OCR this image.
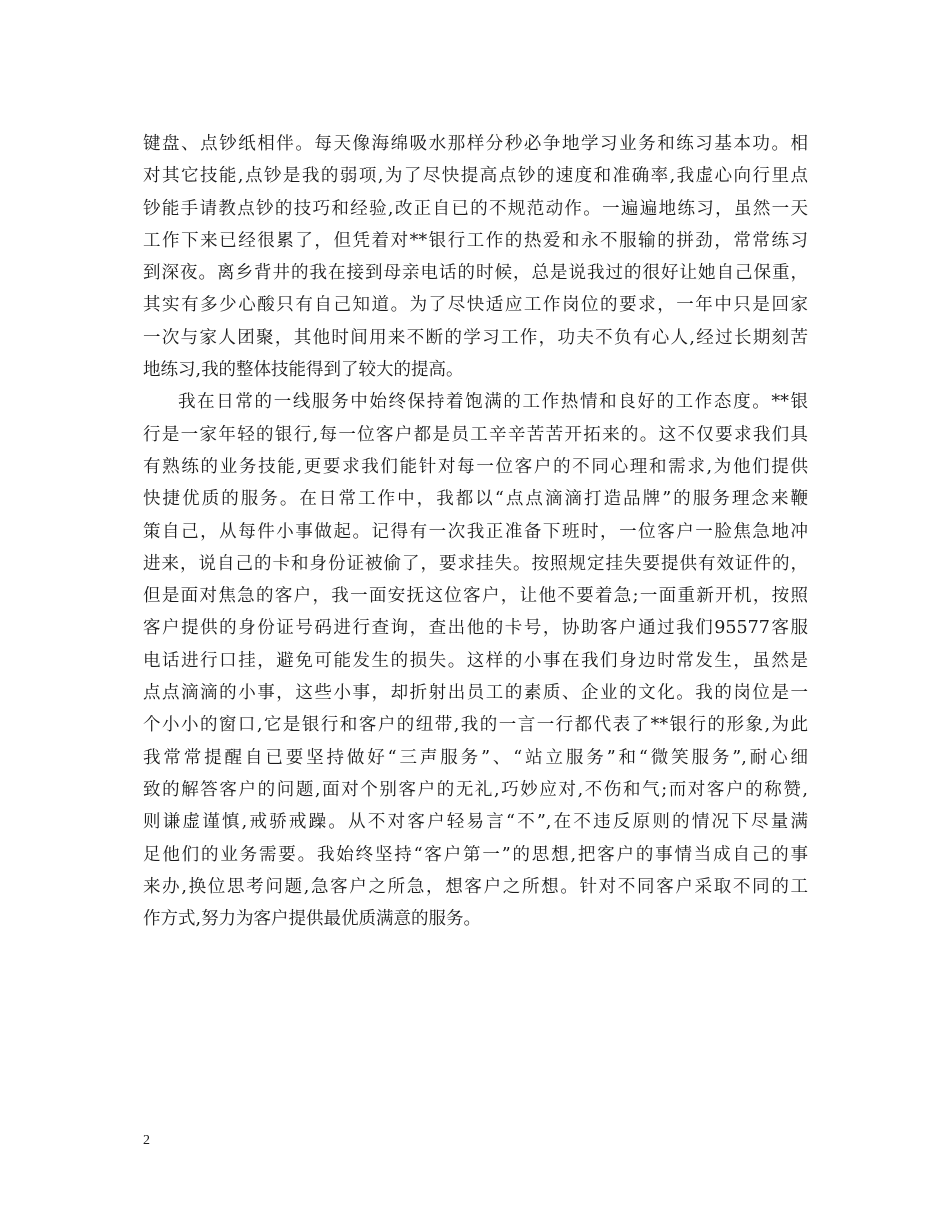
键盘、点钞纸相伴。每天像海绵吸水那样分秒必争地学习业务和练习基本功。相
对其它技能,点钞是我的弱项,为了尽快提高点钞的速度和准确率,我虚心向行里点
钞能手请教点钞的技巧和经验,改正自已的不规范动作。一遍遍地练习，虽然一天
工作下来已经很累了，但凭着对**银行工作的热爱和永不服输的拼劲，常常练习
到深夜。离乡背井的我在接到母亲电话的时候，总是说我过的很好让她自己保重，
其实有多少心酸只有自己知道。为了尽快适应工作岗位的要求，一年中只是回家
一次与家人团聚，其他时间用来不断的学习工作，功夫不负有心人,经过长期刻苦
地练习,我的整体技能得到了较大的提高。
我在日常的一线服务中始终保持着饱满的工作热情和良好的工作态度。**银
行是一家年轻的银行,每一位客户都是员工辛辛苦苦开拓来的。这不仅要求我们具
有熟练的业务技能,更要求我们能针对每一位客户的不同心理和需求,为他们提供
快捷优质的服务。在日常工作中，我都以“点点滴滴打造品牌”的服务理念来鞭
策自己，从每件小事做起。记得有一次我正准备下班时，一位客户一脸焦急地冲
进来，说自己的卡和身份证被偷了，要求挂失。按照规定挂失要提供有效证件的，
但是面对焦急的客户，我一面安抚这位客户，让他不要着急;一面重新开机，按照
客户提供的身份证号码进行查询，查出他的卡号，协助客户通过我们95577客服
电话进行口挂，避免可能发生的损失。这样的小事在我们身边时常发生，虽然是
点点滴滴的小事，这些小事，却折射出员工的素质、企业的文化。我的岗位是一
个小小的窗口,它是银行和客户的纽带,我的一言一行都代表了**银行的形象,为此
我常常提醒自已要坚持做好“三声服务”、“站立服务”和“微笑服务”,耐心细
致的解答客户的问题,面对个别客户的无礼,巧妙应对,不伤和气;而对客户的称赞,
则谦虚谨慎,戒骄戒躁。从不对客户轻易言“不”,在不违反原则的情况下尽量满
足他们的业务需要。我始终坚持“客户第一”的思想,把客户的事情当成自己的事
来办,换位思考问题,急客户之所急，想客户之所想。针对不同客户采取不同的工
作方式,努力为客户提供最优质满意的服务。
2
